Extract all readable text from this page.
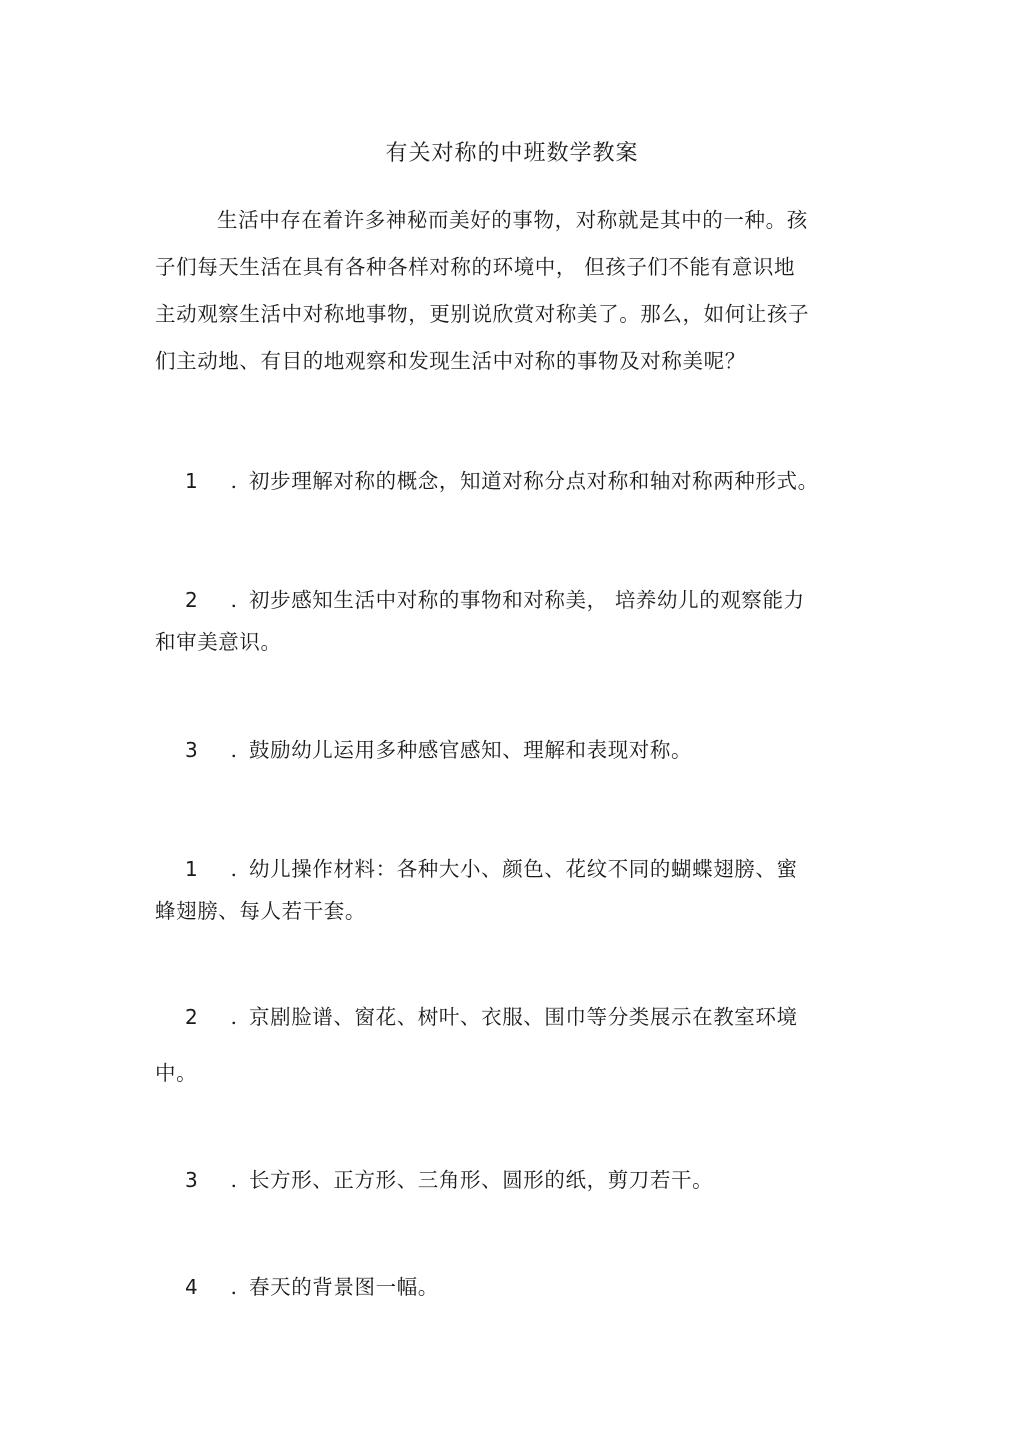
有关对称的中班数学教案
生活中存在着许多神秘而美好的事物，对称就是其中的一种。孩
子们每天生活在具有各种各样对称的环境中， 但孩子们不能有意识地
主动观察生活中对称地事物，更别说欣赏对称美了。那么，如何让孩子
们主动地、有目的地观察和发现生活中对称的事物及对称美呢？
1 . 初步理解对称的概念，知道对称分点对称和轴对称两种形式。
2 . 初步感知生活中对称的事物和对称美， 培养幼儿的观察能力
和审美意识。
3 . 鼓励幼儿运用多种感官感知、理解和表现对称。
1 . 幼儿操作材料：各种大小、颜色、花纹不同的蝴蝶翅膀、蜜
蜂翅膀、每人若干套。
2 . 京剧脸谱、窗花、树叶、衣服、围巾等分类展示在教室环境
中。
3 . 长方形、正方形、三角形、圆形的纸，剪刀若干。
4 . 春天的背景图一幅。
